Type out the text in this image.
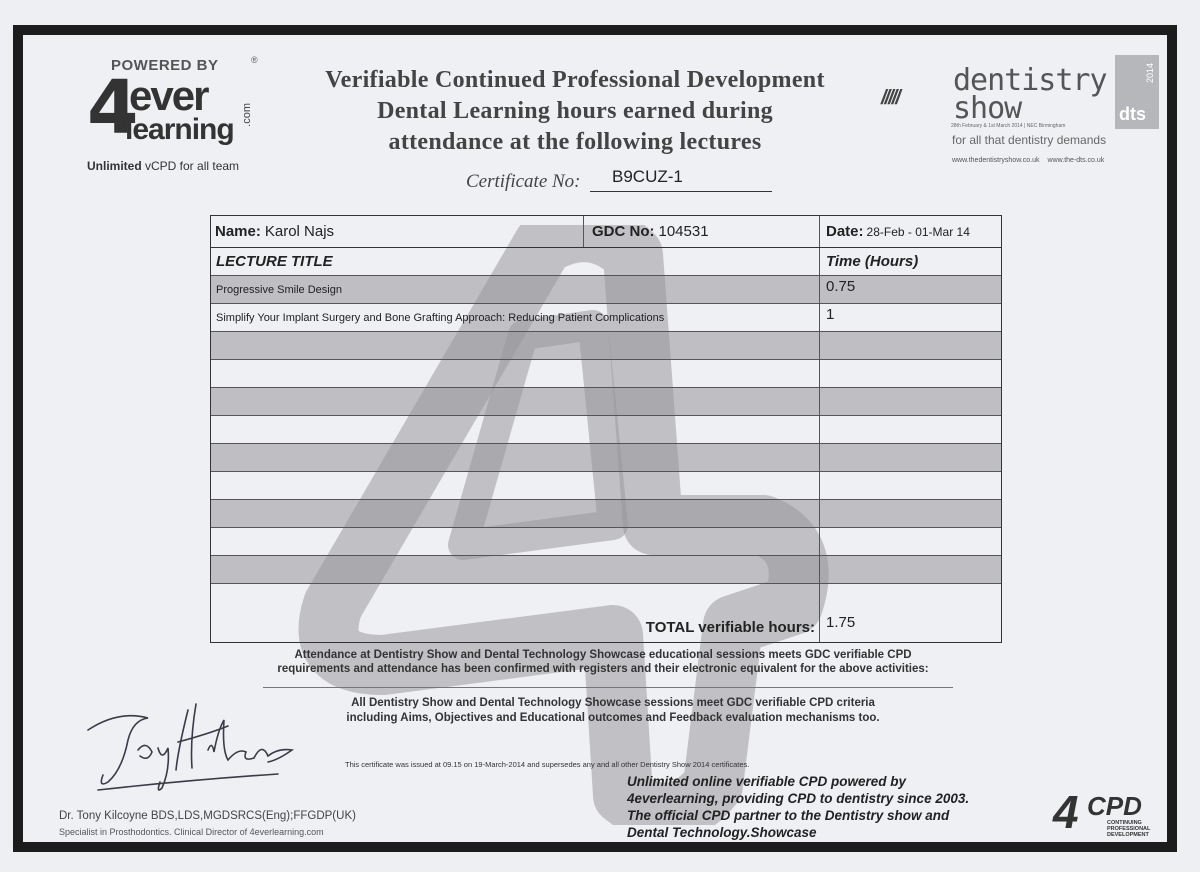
POWERED BY	®
4
ever
learning .com
Unlimited vCPD for all team
Verifiable Continued Professional Development
Dental Learning hours earned during
attendance at the following lectures
///// dentistry
show
28th February & 1st March 2014 | NEC Birmingham
for all that dentistry demands
2014
dts
www.thedentistryshow.co.uk www.the-dts.co.uk
Certificate No:	B9CUZ-1
Name: Karol Najs	GDC No: 104531	Date: 28-Feb - 01-Mar 14
LECTURE TITLE	Time (Hours)
Progressive Smile Design	0.75
Simplify Your Implant Surgery and Bone Grafting Approach: Reducing Patient Complications	1
TOTAL verifiable hours: 1.75
Attendance at Dentistry Show and Dental Technology Showcase educational sessions meets GDC verifiable CPD
requirements and attendance has been confirmed with registers and their electronic equivalent for the above activities:
All Dentistry Show and Dental Technology Showcase sessions meet GDC verifiable CPD criteria
including Aims, Objectives and Educational outcomes and Feedback evaluation mechanisms too.
This certificate was issued at 09.15 on 19-March-2014 and supersedes any and all other Dentistry Show 2014 certificates.
Unlimited online verifiable CPD powered by
4everlearning, providing CPD to dentistry since 2003.
The official CPD partner to the Dentistry show and
Dental Technology.Showcase
Dr. Tony Kilcoyne BDS,LDS,MGDSRCS(Eng);FFGDP(UK)
Specialist in Prosthodontics. Clinical Director of 4everlearning.com	4 CPD
CONTINUING PROFESSIONAL DEVELOPMENT
